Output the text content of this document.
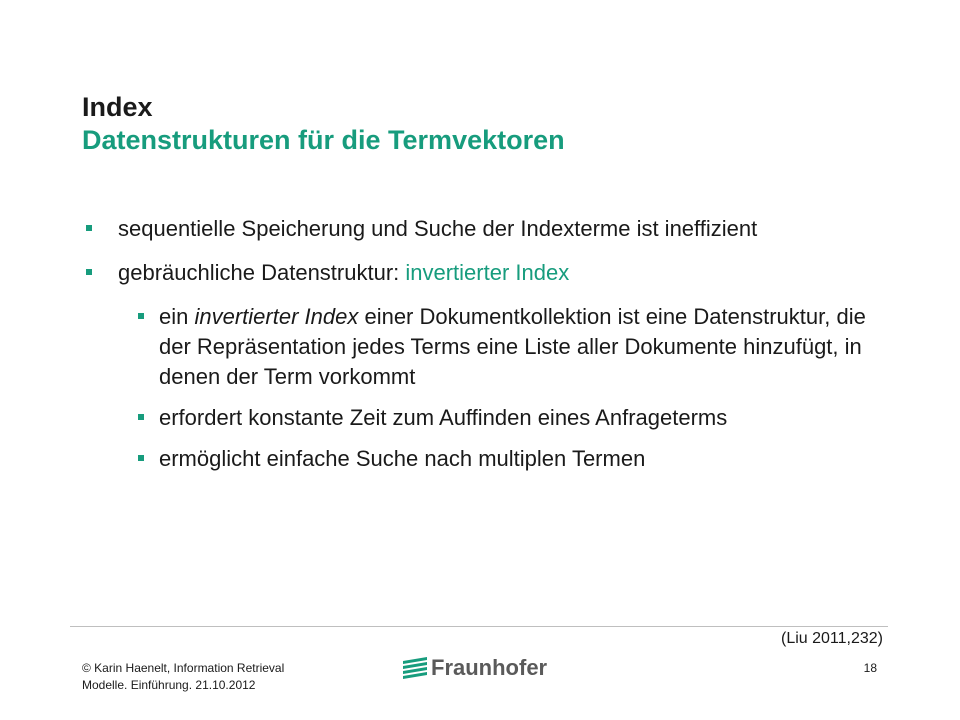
Index
Datenstrukturen für die Termvektoren
sequentielle Speicherung und Suche der Indexterme ist ineffizient
gebräuchliche Datenstruktur: invertierter Index
ein invertierter Index einer Dokumentkollektion ist eine Datenstruktur, die der Repräsentation jedes Terms eine Liste aller Dokumente hinzufügt, in denen der Term vorkommt
erfordert konstante Zeit zum Auffinden eines Anfrageterms
ermöglicht einfache Suche nach multiplen Termen
(Liu 2011,232)
© Karin Haenelt, Information Retrieval
Modelle. Einführung. 21.10.2012
Fraunhofer	18
